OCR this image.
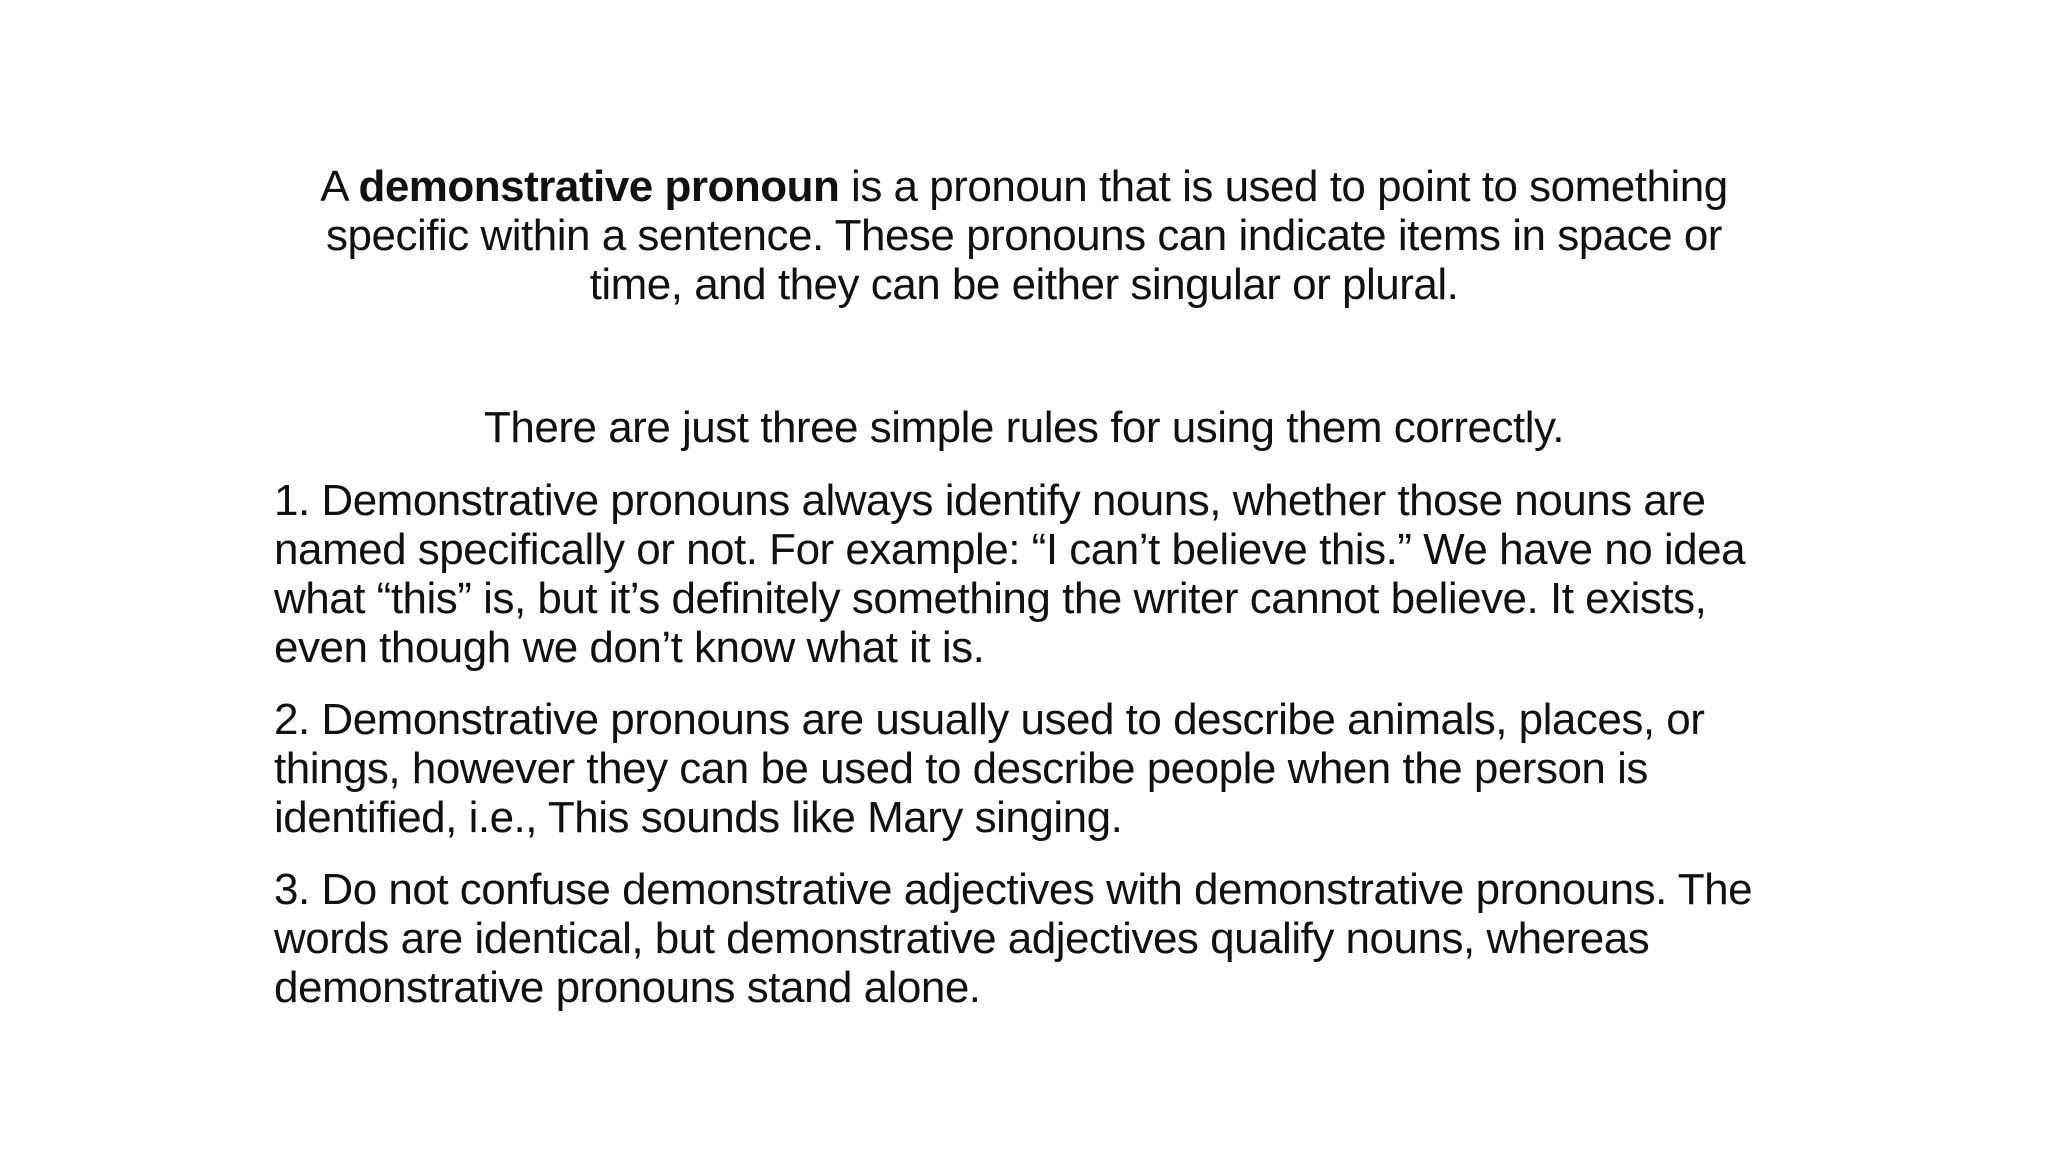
A demonstrative pronoun is a pronoun that is used to point to something specific within a sentence. These pronouns can indicate items in space or time, and they can be either singular or plural.

There are just three simple rules for using them correctly.

1. Demonstrative pronouns always identify nouns, whether those nouns are named specifically or not. For example: “I can’t believe this.” We have no idea what “this” is, but it’s definitely something the writer cannot believe. It exists, even though we don’t know what it is.
2. Demonstrative pronouns are usually used to describe animals, places, or things, however they can be used to describe people when the person is identified, i.e., This sounds like Mary singing.
3. Do not confuse demonstrative adjectives with demonstrative pronouns. The words are identical, but demonstrative adjectives qualify nouns, whereas demonstrative pronouns stand alone.
